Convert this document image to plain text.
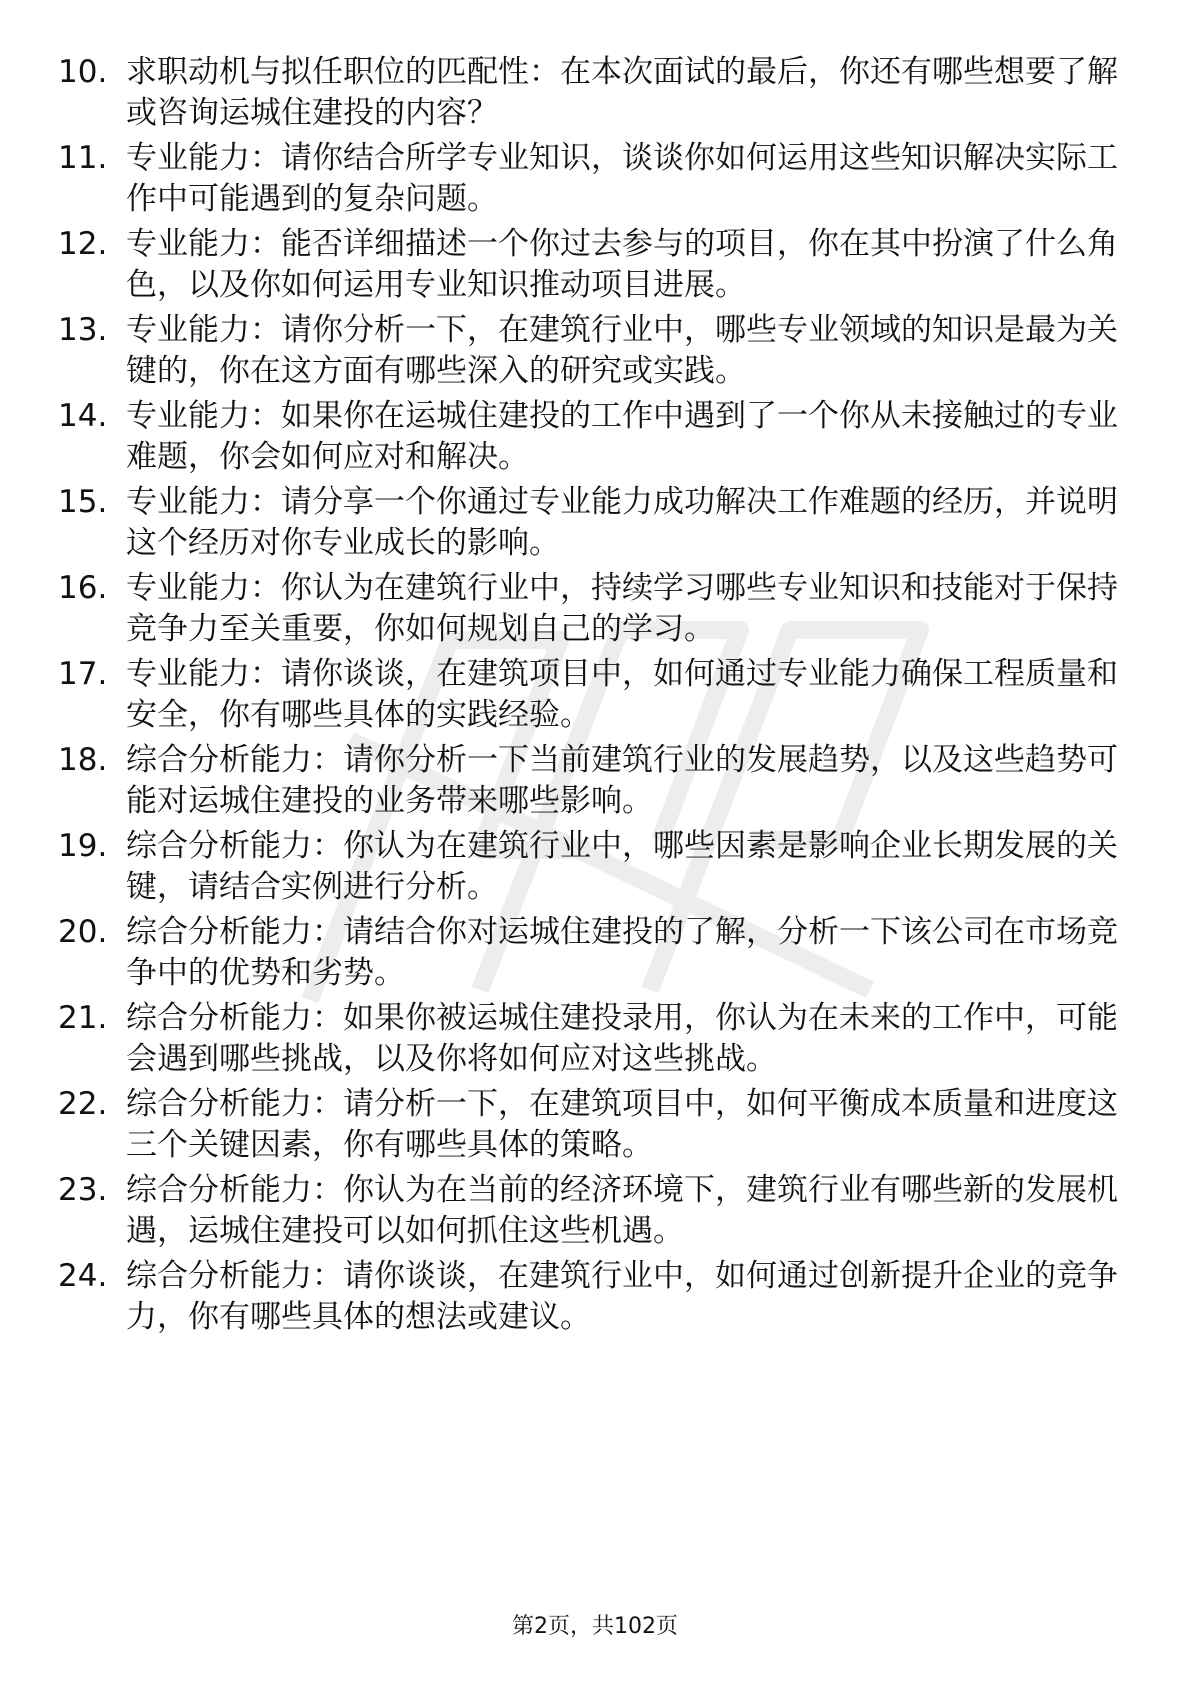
10. 求职动机与拟任职位的匹配性：在本次面试的最后，你还有哪些想要了解或咨询运城住建投的内容？
11. 专业能力：请你结合所学专业知识，谈谈你如何运用这些知识解决实际工作中可能遇到的复杂问题。
12. 专业能力：能否详细描述一个你过去参与的项目，你在其中扮演了什么角色，以及你如何运用专业知识推动项目进展。
13. 专业能力：请你分析一下，在建筑行业中，哪些专业领域的知识是最为关键的，你在这方面有哪些深入的研究或实践。
14. 专业能力：如果你在运城住建投的工作中遇到了一个你从未接触过的专业难题，你会如何应对和解决。
15. 专业能力：请分享一个你通过专业能力成功解决工作难题的经历，并说明这个经历对你专业成长的影响。
16. 专业能力：你认为在建筑行业中，持续学习哪些专业知识和技能对于保持竞争力至关重要，你如何规划自己的学习。
17. 专业能力：请你谈谈，在建筑项目中，如何通过专业能力确保工程质量和安全，你有哪些具体的实践经验。
18. 综合分析能力：请你分析一下当前建筑行业的发展趋势，以及这些趋势可能对运城住建投的业务带来哪些影响。
19. 综合分析能力：你认为在建筑行业中，哪些因素是影响企业长期发展的关键，请结合实例进行分析。
20. 综合分析能力：请结合你对运城住建投的了解，分析一下该公司在市场竞争中的优势和劣势。
21. 综合分析能力：如果你被运城住建投录用，你认为在未来的工作中，可能会遇到哪些挑战，以及你将如何应对这些挑战。
22. 综合分析能力：请分析一下，在建筑项目中，如何平衡成本质量和进度这三个关键因素，你有哪些具体的策略。
23. 综合分析能力：你认为在当前的经济环境下，建筑行业有哪些新的发展机遇，运城住建投可以如何抓住这些机遇。
24. 综合分析能力：请你谈谈，在建筑行业中，如何通过创新提升企业的竞争力，你有哪些具体的想法或建议。
第2页，共102页
